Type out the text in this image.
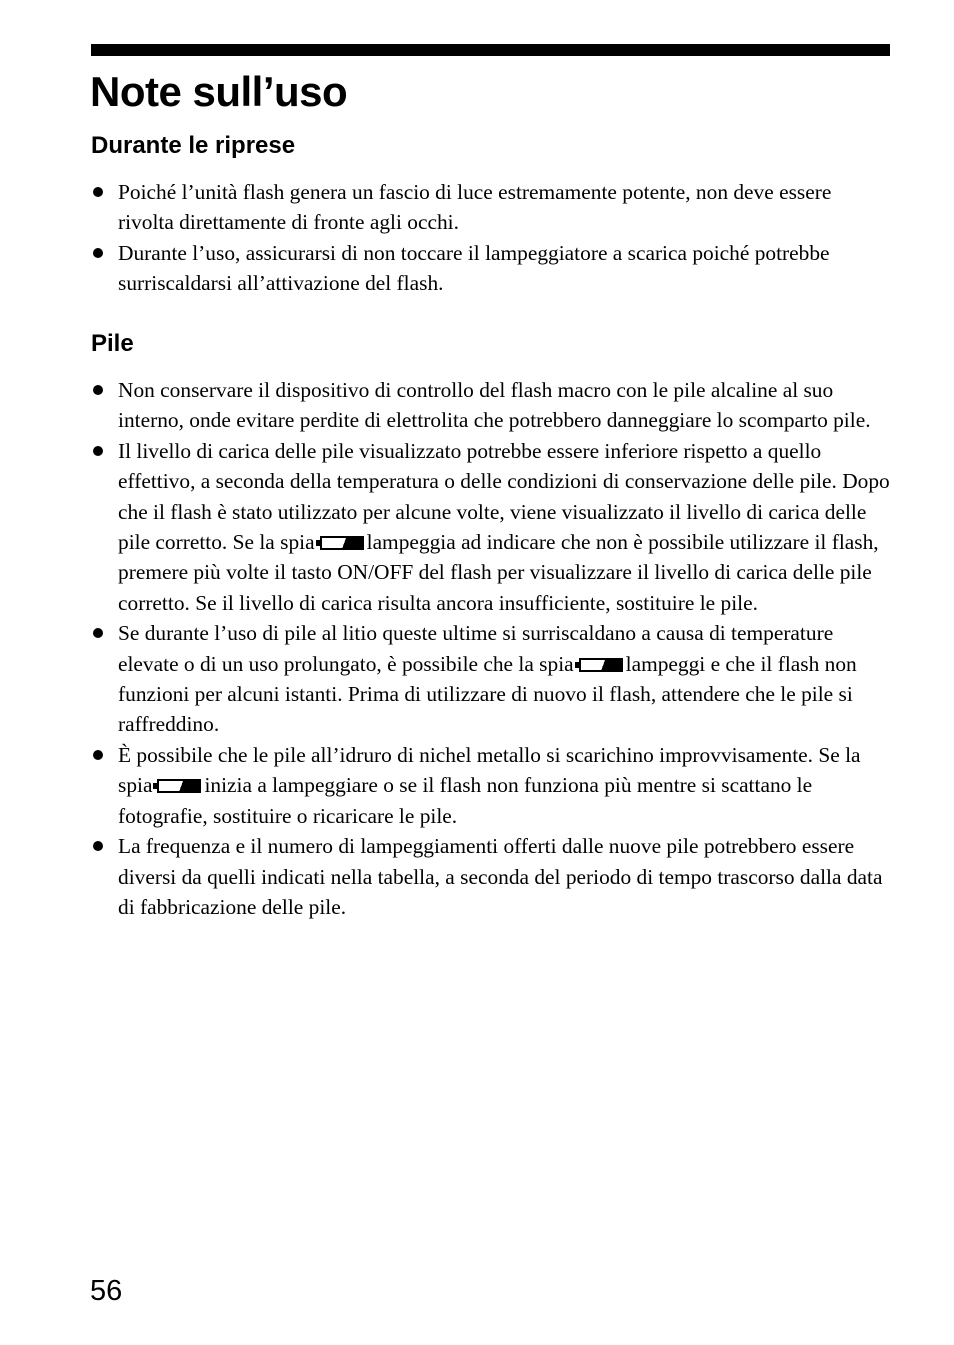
Note sull’uso
Durante le riprese
Poiché l’unità flash genera un fascio di luce estremamente potente, non deve essere rivolta direttamente di fronte agli occhi.
Durante l’uso, assicurarsi di non toccare il lampeggiatore a scarica poiché potrebbe surriscaldarsi all’attivazione del flash.
Pile
Non conservare il dispositivo di controllo del flash macro con le pile alcaline al suo interno, onde evitare perdite di elettrolita che potrebbero danneggiare lo scomparto pile.
Il livello di carica delle pile visualizzato potrebbe essere inferiore rispetto a quello effettivo, a seconda della temperatura o delle condizioni di conservazione delle pile. Dopo che il flash è stato utilizzato per alcune volte, viene visualizzato il livello di carica delle pile corretto. Se la spia lampeggia ad indicare che non è possibile utilizzare il flash, premere più volte il tasto ON/OFF del flash per visualizzare il livello di carica delle pile corretto. Se il livello di carica risulta ancora insufficiente, sostituire le pile.
Se durante l’uso di pile al litio queste ultime si surriscaldano a causa di temperature elevate o di un uso prolungato, è possibile che la spia lampeggi e che il flash non funzioni per alcuni istanti. Prima di utilizzare di nuovo il flash, attendere che le pile si raffreddino.
È possibile che le pile all’idruro di nichel metallo si scarichino improvvisamente. Se la spia inizia a lampeggiare o se il flash non funziona più mentre si scattano le fotografie, sostituire o ricaricare le pile.
La frequenza e il numero di lampeggiamenti offerti dalle nuove pile potrebbero essere diversi da quelli indicati nella tabella, a seconda del periodo di tempo trascorso dalla data di fabbricazione delle pile.
56
